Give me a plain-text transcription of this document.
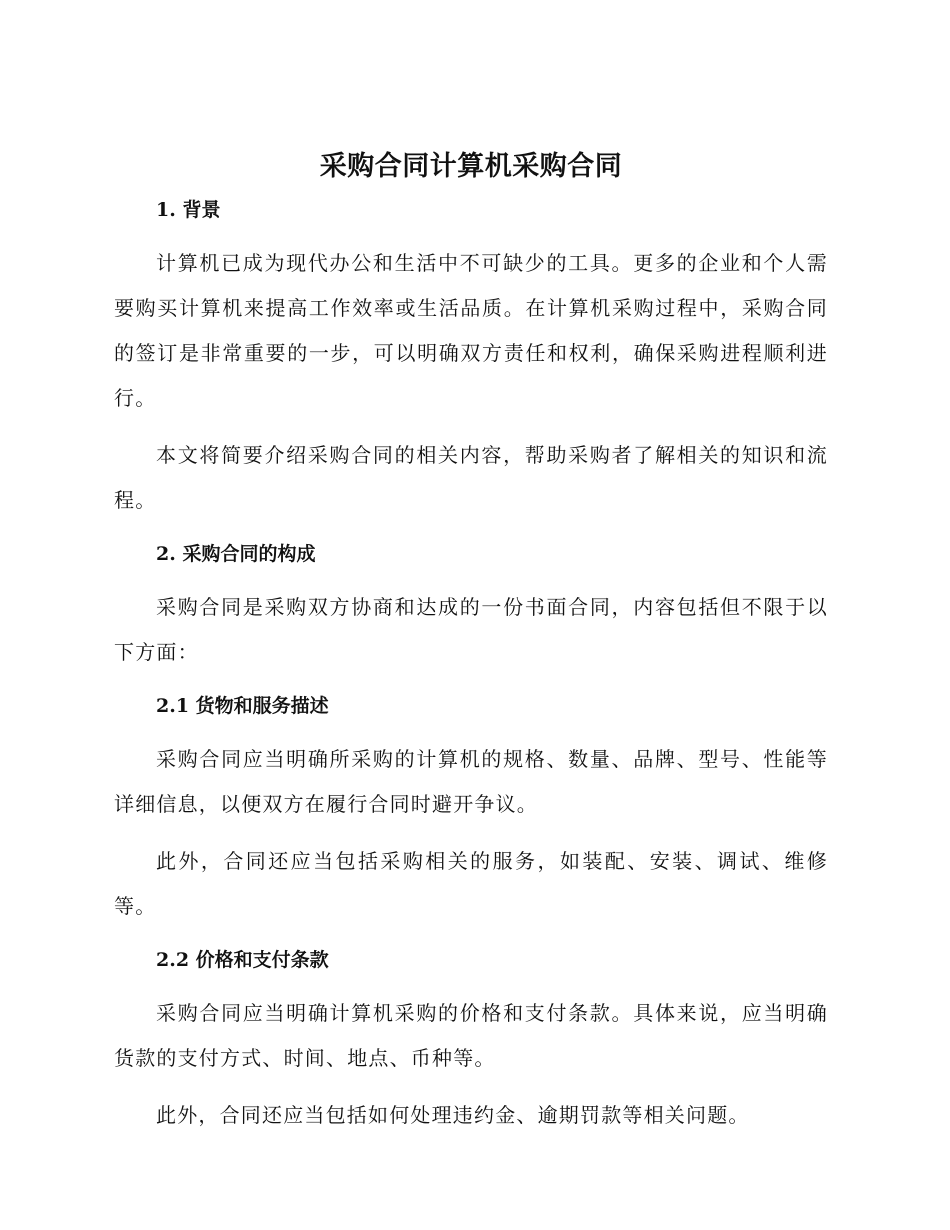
采购合同计算机采购合同
1. 背景

计算机已成为现代办公和生活中不可缺少的工具。更多的企业和个人需要购买计算机来提高工作效率或生活品质。在计算机采购过程中，采购合同的签订是非常重要的一步，可以明确双方责任和权利，确保采购进程顺利进行。

本文将简要介绍采购合同的相关内容，帮助采购者了解相关的知识和流程。

2. 采购合同的构成

采购合同是采购双方协商和达成的一份书面合同，内容包括但不限于以下方面：

2.1 货物和服务描述

采购合同应当明确所采购的计算机的规格、数量、品牌、型号、性能等详细信息，以便双方在履行合同时避开争议。

此外，合同还应当包括采购相关的服务，如装配、安装、调试、维修等。

2.2 价格和支付条款

采购合同应当明确计算机采购的价格和支付条款。具体来说，应当明确货款的支付方式、时间、地点、币种等。

此外，合同还应当包括如何处理违约金、逾期罚款等相关问题。
